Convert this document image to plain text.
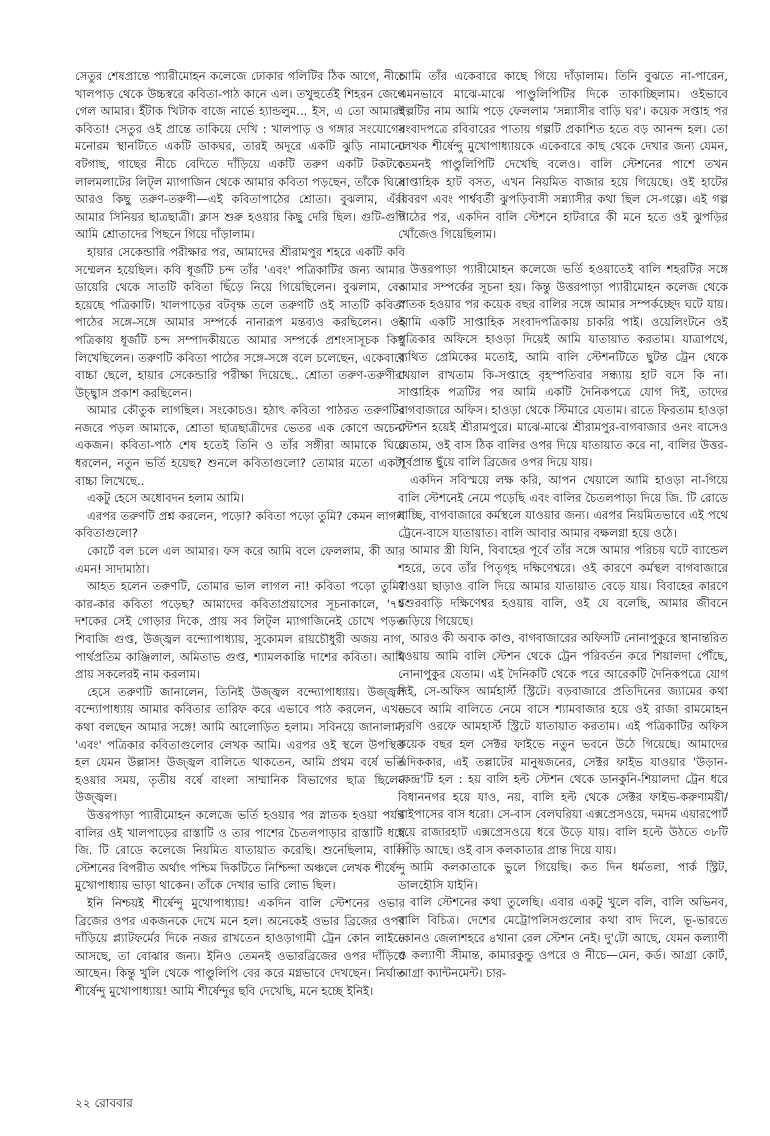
সেতুর শেষপ্রান্তে প্যারীমোহন কলেজে ঢোকার গলিটির ঠিক আগে, নীচে খালপাড় থেকে উচ্চস্বরে কবিতা-পাঠ কানে এল। তখুহুর্তেই শিহরন জেগে গেল আমার। ইঁটাক খিটাক বাজে নার্ভে হ্যান্ডলুম... ইস, এ তো আমারই কবিতা! সেতুর ওই প্রান্তে তাকিয়ে দেখি : খালপাড় ও গঙ্গার সংযোগের মনোরম স্থানটিতে একটি ডাকঘর, তারই অদূরে একটি ঝুড়ি নামানো বটগাছ, গাছের নীচে বেদিতে দাঁড়িয়ে একটি তরুণ একটি টকটকে লালমলাটের লিট্‌ল ম্যাগাজিন থেকে আমার কবিতা পড়ছেন, তাঁকে ঘিরে আরও কিছু তরুণ-তরুণী—এই কবিতাপাঠের শ্রোতা। বুঝলাম, এঁরা আমার সিনিয়র ছাত্রছাত্রী। ক্লাস শুরু হওয়ার কিছু দেরি ছিল। গুটি-গুটি আমি শ্রোতাদের পিছনে গিয়ে দাঁড়ালাম।

হায়ার সেকেন্ডারি পরীক্ষার পর, আমাদের শ্রীরামপুর শহরে একটি কবি সম্মেলন হয়েছিল। কবি ধূর্জটি চন্দ তাঁর 'এবং' পত্রিকাটির জন্য আমার ডায়েরি থেকে সাতটি কবিতা ছিঁড়ে নিয়ে গিয়েছিলেন। বুঝলাম, বের হয়েছে পত্রিকাটি। খালপাড়ের বটবৃক্ষ তলে তরুণটি ওই সাতটি কবিতা পাঠের সঙ্গে-সঙ্গে আমার সম্পর্কে নানারূপ মন্তব্যও করছিলেন। ওই পত্রিকায় ধূর্জটি চন্দ সম্পাদকীয়তে আমার সম্পর্কে প্রশংসাসূচক কিছু লিখেছিলেন। তরুণটি কবিতা পাঠের সঙ্গে-সঙ্গে বলে চলেছেন, একেবারে বাচ্চা ছেলে, হায়ার সেকেন্ডারি পরীক্ষা দিয়েছে.. শ্রোতা তরুণ-তরুণীরা উচ্ছ্বাস প্রকাশ করছিলেন।

আমার কৌতুক লাগছিল। সংকোচও। হঠাৎ কবিতা পাঠরত তরুণটির নজরে পড়ল আমাকে, শ্রোতা ছাত্রছাত্রীদের ভেতর এক কোণে অচেনা একজন। কবিতা-পাঠ শেষ হতেই তিনি ও তাঁর সঙ্গীরা আমাকে ঘিরে ধরলেন, নতুন ভর্তি হয়েছ? শুনলে কবিতাগুলো? তোমার মতো একটা বাচ্চা লিখেছে..

একটু হেসে অধোবদন হলাম আমি।

এরপর তরুণটি প্রশ্ন করলেন, পড়ো? কবিতা পড়ো তুমি? কেমন লাগল কবিতাগুলো?

কোর্টে বল চলে এল আমার। ফস করে আমি বলে ফেললাম, কী আর এমন! সাদামাঠা।

আহত হলেন তরুণটি, তোমার ভাল লাগল না! কবিতা পড়ো তুমি? কার-কার কবিতা পড়েছ? আমাদের কবিতাপ্রয়াসের সূচনাকালে, '৭০ দশকের সেই গোড়ার দিকে, প্রায় সব লিট্‌ল ম্যাগাজিনেই চোখে পড়ত শিবাজি গুপ্ত, উজ্জ্বল বন্দ্যোপাধ্যায়, সুকোমল রায়চৌধুরী অজয় নাগ, পার্থপ্রতিম কাঞ্জিলাল, অমিতাভ গুপ্ত, শ্যামলকান্তি দাশের কবিতা। আমি প্রায় সকলেরই নাম করলাম।

হেসে তরুণটি জানালেন, তিনিই উজ্জ্বল বন্দ্যোপাধ্যায়। উজ্জ্বল বন্দ্যোপাধ্যায় আমার কবিতার তারিফ করে এভাবে পাঠ করলেন, এখন কথা বলছেন আমার সঙ্গে! আমি আলোড়িত হলাম। সবিনয়ে জানালাম, 'এবং' পত্রিকার কবিতাগুলোর লেখক আমি। এরপর ওই স্থলে উপস্থিত হল যেমন উল্লাস! উজ্জ্বল বালিতে থাকতেন, আমি প্রথম বর্ষে ভর্তি হওয়ার সময়, তৃতীয় বর্ষে বাংলা সাম্মানিক বিভাগের ছাত্র ছিলেন উজ্জ্বল।

উত্তরপাড়া প্যারীমোহন কলেজে ভর্তি হওয়ার পর স্নাতক হওয়া পর্যন্ত বালির ওই খালপাড়ের রাস্তাটি ও তার পাশের চৈতলপাড়ার রাস্তাটি ধরে জি. টি রোডে কলেজে নিয়মিত যাতায়াত করেছি। শুনেছিলাম, বালি স্টেশনের বিপরীত অর্থাৎ পশ্চিম দিকটিতে নিশ্চিন্দা অঞ্চলে লেখক শীর্ষেন্দু মুখোপাধ্যায় ভাড়া থাকেন। তাঁকে দেখার ভারি লোভ ছিল।

ইনি নিশ্চয়ই শীর্ষেন্দু মুখোপাধ্যায়! একদিন বালি স্টেশনের ওভার ব্রিজের ওপর একজনকে দেখে মনে হল। অনেকেই ওভার ব্রিজের ওপর দাঁড়িয়ে প্ল্যাটফর্মের দিকে নজর রাখতেন হাওড়াগামী ট্রেন কোন লাইনে আসছে, তা বোঝার জন্য। ইনিও তেমনই ওভারব্রিজের ওপর দাঁড়িয়ে আছেন। কিন্তু খুলি থেকে পাণ্ডুলিপি বের করে মগ্নভাবে দেখছেন। নির্ঘাত শীর্ষেন্দু মুখোপাধ্যায়! আমি শীর্ষেন্দুর ছবি দেখেছি, মনে হচ্ছে ইনিই।

আমি তাঁর একেবারে কাছে গিয়ে দাঁড়ালাম। তিনি বুঝতে না-পারেন, এমনভাবে মাঝে-মাঝে পাণ্ডুলিপিটির দিকে তাকাচ্ছিলাম। ওইভাবে গল্পটির নাম আমি পড়ে ফেললাম 'সন্ন্যাসীর বাড়ি ঘর'। কয়েক সপ্তাহ পর সংবাদপত্রে রবিবারের পাতায় গল্পটি প্রকাশিত হতে বড় আনন্দ হল। তো লেখক শীর্ষেন্দু মুখোপাধ্যায়কে একেবারে কাছ থেকে দেখার জন্য যেমন, তেমনই পাণ্ডুলিপিটি দেখেছি বলেও। বালি স্টেশনের পাশে তখন সাপ্তাহিক হাট বসত, এখন নিয়মিত বাজার হয়ে গিয়েছে। ওই হাটের বিবরণ এবং পার্শ্ববর্তী ঝুপড়িবাসী সন্ন্যাসীর কথা ছিল সে-গল্পে। এই গল্প পাঠের পর, একদিন বালি স্টেশনে হাটবারে কী মনে হতে ওই ঝুপড়ির খোঁজেও গিয়েছিলাম।

উত্তরপাড়া প্যারীমোহন কলেজে ভর্তি হওয়াতেই বালি শহরটির সঙ্গে আমার সম্পর্কের সূচনা হয়। কিন্তু উত্তরপাড়া প্যারীমোহন কলেজ থেকে স্নাতক হওয়ার পর কয়েক বছর বালির সঙ্গে আমার সম্পর্কচ্ছেদ ঘটে যায়। আমি একটি সাপ্তাহিক সংবাদপত্রিকায় চাকরি পাই। ওয়েলিংটনে ওই পত্রিকার অফিসে হাওড়া দিয়েই আমি যাতায়াত করতাম। যাত্রাপথে, ব্যথিত প্রেমিকের মতোই, আমি বালি স্টেশনটিতে ছুটন্ত ট্রেন থেকে খেয়াল রাখতাম কি-সপ্তাহে বৃহস্পতিবার সন্ধ্যায় হাট বসে কি না। সাপ্তাহিক পত্রটির পর আমি একটি দৈনিকপত্রে যোগ দিই, তাদের বাগবাজারে অফিস। হাওড়া থেকে স্টিমারে যেতাম। রাতে ফিরতাম হাওড়া স্টেশন হয়েই শ্রীরামপুরে। মাঝে-মাঝে শ্রীরামপুর-বাগবাজার ওনং বাসেও যেতাম, ওই বাস ঠিক বালির ওপর দিয়ে যাতায়াত করে না, বালির উত্তর-পূর্বপ্রান্ত ছুঁয়ে বালি ব্রিজের ওপর দিয়ে যায়।

একদিন সবিস্ময়ে লক্ষ করি, আপন খেয়ালে আমি হাওড়া না-গিয়ে বালি স্টেশনেই নেমে পড়েছি এবং বালির চৈতলপাড়া দিয়ে জি. টি রোডে যাচ্ছি, বাগবাজারে কর্মস্থলে যাওয়ার জন্য। এরপর নিয়মিতভাবে এই পথে ট্রেনে-বাসে যাতায়াত। বালি আবার আমার বক্ষলগ্না হয়ে ওঠে।

আমার স্ত্রী যিনি, বিবাহের পূর্বে তাঁর সঙ্গে আমার পরিচয় ঘটে ব্যান্ডেল শহরে, তবে তাঁর পিতৃগৃহ দক্ষিণেশ্বরে। ওই কারণে কর্মস্থল বাগবাজারে যাওয়া ছাড়াও বালি দিয়ে আমার যাতায়াত বেড়ে যায়। বিবাহের কারণে শ্বশুরবাড়ি দক্ষিণেশ্বর হওয়ায় বালি, ওই যে বলেছি, আমার জীবনে জড়িয়ে গিয়েছে।

আরও কী অবাক কাণ্ড, বাগবাজারের অফিসটি নোনাপুকুরে স্থানান্তরিত হওয়ায় আমি বালি স্টেশন থেকে ট্রেন পরিবর্তন করে শিয়ালদা পৌঁছে, নোনাপুকুর যেতাম। এই দৈনিকটি থেকে পরে আরেকটি দৈনিকপত্রে যোগ দিই, সে-অফিস আর্মহার্স্ট স্ট্রিটে। বড়বাজারে প্রতিদিনের জ্যামের কথা ভেবে আমি বালিতে নেমে বাসে শ্যামবাজার হয়ে ওই রাজা রামমোহন সরণি ওরফে আমহার্স্ট স্ট্রিটে যাতায়াত করতাম। এই পত্রিকাটির অফিস কয়েক বছর হল সেক্টর ফাইভে নতুন ভবনে উঠে গিয়েছে। আমাদের এদিককার, এই তল্লাটের মানুষজনের, সেক্টর ফাইভ যাওয়ার 'উড়ান-কেন্দ্র'টি হল : হয় বালি হল্ট স্টেশন থেকে ডানকুনি-শিয়ালদা ট্রেন ধরে বিধাননগর হয়ে যাও, নয়, বালি হল্ট থেকে সেক্টর ফাইভ-করুণাময়ী/বাইপাসের বাস ধরো। সে-বাস বেলঘরিয়া এক্সপ্রেসওয়ে, দমদম এয়ারপোর্ট হয়ে রাজারহাট এক্সপ্রেসওয়ে ধরে উড়ে যায়। বালি হল্টে উঠতে ৩৮টি সিঁড়ি আছে। ওই বাস কলকাতার প্রান্ত দিয়ে যায়।

আমি কলকাতাকে ভুলে গিয়েছি। কত দিন ধর্মতলা, পার্ক স্ট্রিট, ডালহৌসি যাইনি।

বালি স্টেশনের কথা তুলেছি। এবার একটু খুলে বলি, বালি অভিনব, বালি বিচিত্র। দেশের মেট্রোপলিসগুলোর কথা বাদ দিলে, ভূ-ভারতে কোনও জেলাশহরে ৪খানা রেল স্টেশন নেই। দু'টো আছে, যেমন কল্যাণী ও কল্যাণী সীমান্ত, কামারকুন্ডু ওপরে ও নীচে—মেন, কর্ড। আগ্রা কোর্ট, আগ্রা ক্যান্টনমেন্ট। চার-

২২ রোববার
